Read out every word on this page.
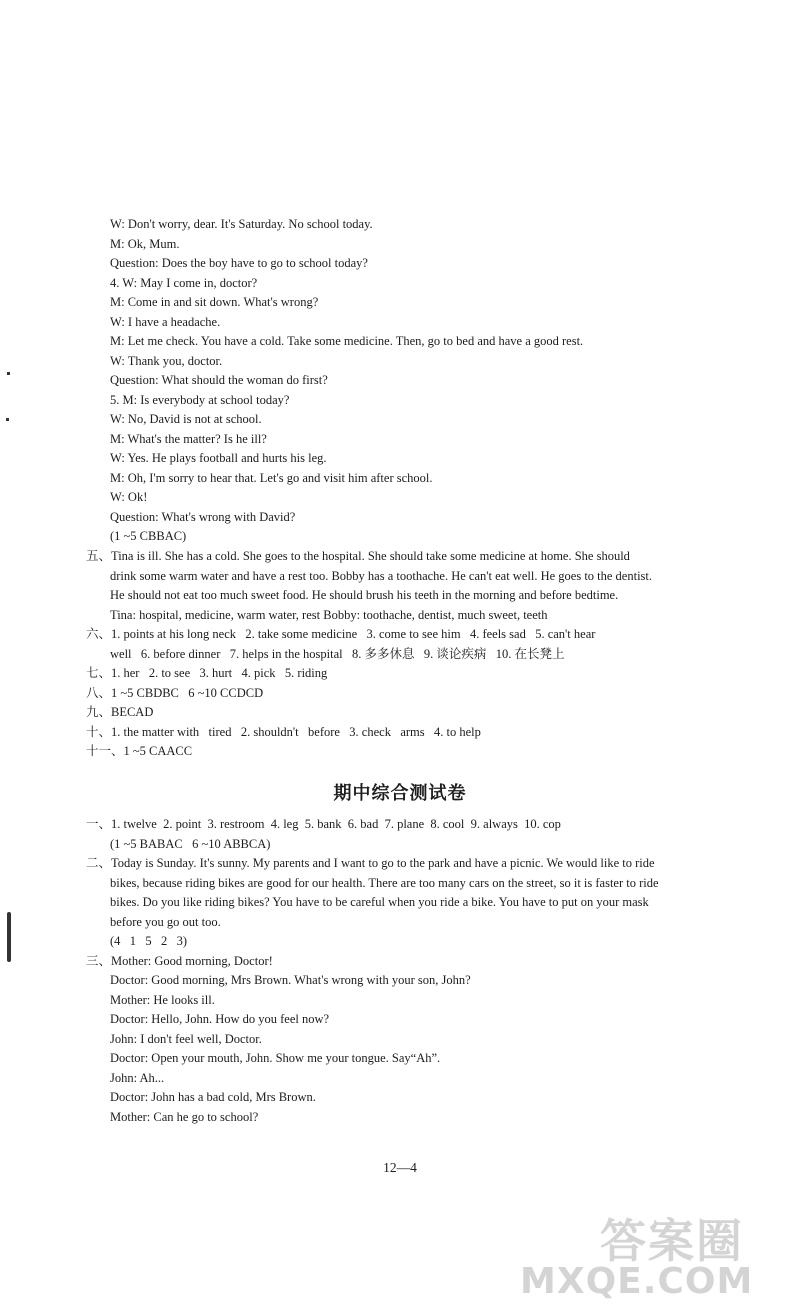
W: Don't worry, dear. It's Saturday. No school today.
M: Ok, Mum.
Question: Does the boy have to go to school today?
4. W: May I come in, doctor?
M: Come in and sit down. What's wrong?
W: I have a headache.
M: Let me check. You have a cold. Take some medicine. Then, go to bed and have a good rest.
W: Thank you, doctor.
Question: What should the woman do first?
5. M: Is everybody at school today?
W: No, David is not at school.
M: What's the matter? Is he ill?
W: Yes. He plays football and hurts his leg.
M: Oh, I'm sorry to hear that. Let's go and visit him after school.
W: Ok!
Question: What's wrong with David?
(1 ~5 CBBAC)
五、Tina is ill. She has a cold. She goes to the hospital. She should take some medicine at home. She should
drink some warm water and have a rest too. Bobby has a toothache. He can't eat well. He goes to the dentist.
He should not eat too much sweet food. He should brush his teeth in the morning and before bedtime.
Tina: hospital, medicine, warm water, rest Bobby: toothache, dentist, much sweet, teeth
六、1. points at his long neck   2. take some medicine   3. come to see him   4. feels sad   5. can't hear
well   6. before dinner   7. helps in the hospital   8. 多多休息   9. 谈论疾病   10. 在长凳上
七、1. her   2. to see   3. hurt   4. pick   5. riding
八、1 ~5 CBDBC   6 ~10 CCDCD
九、BECAD
十、1. the matter with   tired   2. shouldn't   before   3. check   arms   4. to help
十一、1 ~5 CAACC
期中综合测试卷
一、1. twelve  2. point  3. restroom  4. leg  5. bank  6. bad  7. plane  8. cool  9. always  10. cop
(1 ~5 BABAC   6 ~10 ABBCA)
二、Today is Sunday. It's sunny. My parents and I want to go to the park and have a picnic. We would like to ride
bikes, because riding bikes are good for our health. There are too many cars on the street, so it is faster to ride
bikes. Do you like riding bikes? You have to be careful when you ride a bike. You have to put on your mask
before you go out too.
(4   1   5   2   3)
三、Mother: Good morning, Doctor!
Doctor: Good morning, Mrs Brown. What's wrong with your son, John?
Mother: He looks ill.
Doctor: Hello, John. How do you feel now?
John: I don't feel well, Doctor.
Doctor: Open your mouth, John. Show me your tongue. Say“Ah”.
John: Ah...
Doctor: John has a bad cold, Mrs Brown.
Mother: Can he go to school?
12—4
答案圈
MXQE.COM
